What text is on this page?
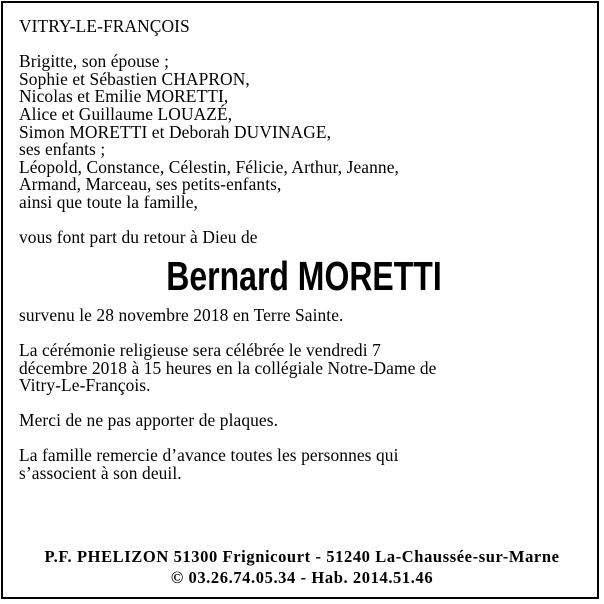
VITRY-LE-FRANÇOIS
Brigitte, son épouse ;
Sophie et Sébastien CHAPRON,
Nicolas et Emilie MORETTI,
Alice et Guillaume LOUAZÉ,
Simon MORETTI et Deborah DUVINAGE,
ses enfants ;
Léopold, Constance, Célestin, Félicie, Arthur, Jeanne,
Armand, Marceau, ses petits-enfants,
ainsi que toute la famille,
vous font part du retour à Dieu de
Bernard MORETTI
survenu le 28 novembre 2018 en Terre Sainte.
La cérémonie religieuse sera célébrée le vendredi 7
décembre 2018 à 15 heures en la collégiale Notre-Dame de
Vitry-Le-François.
Merci de ne pas apporter de plaques.
La famille remercie d’avance toutes les personnes qui
s’associent à son deuil.
P.F. PHELIZON 51300 Frignicourt - 51240 La-Chaussée-sur-Marne
© 03.26.74.05.34 - Hab. 2014.51.46
